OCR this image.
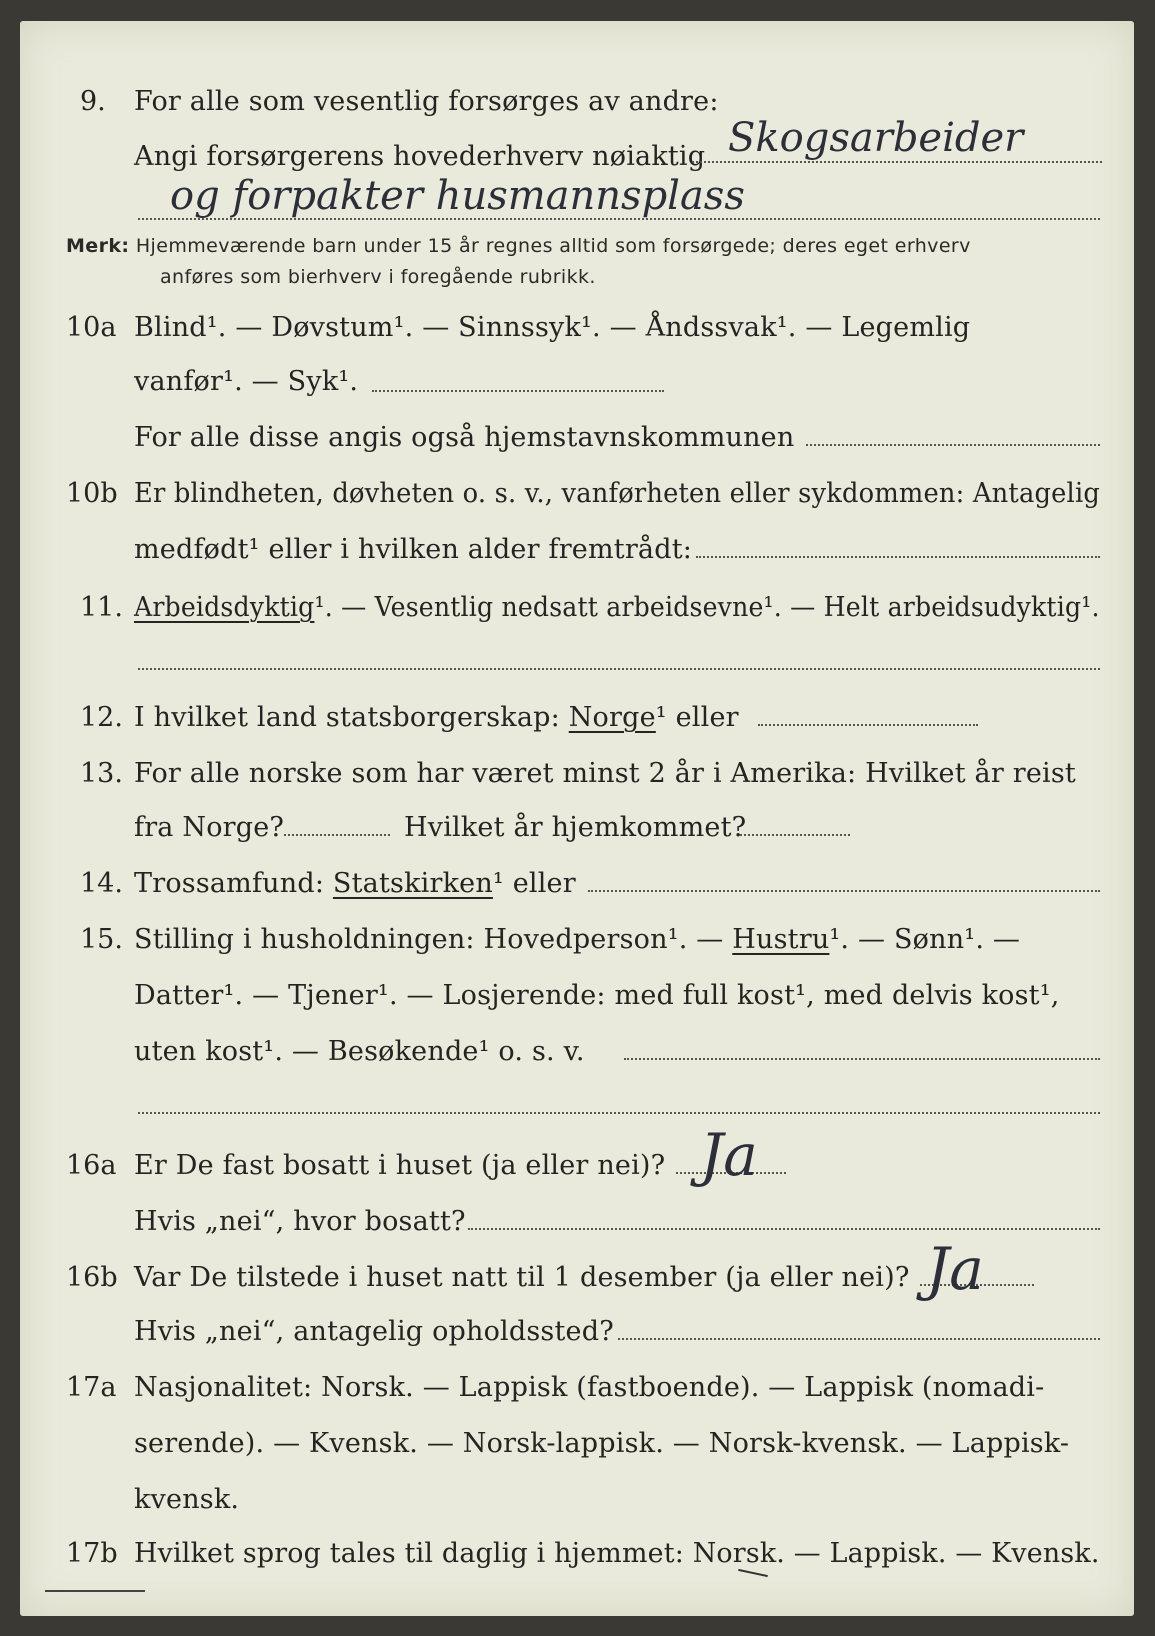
9. For alle som vesentlig forsørges av andre:
Angi forsørgerens hovederhverv nøiaktig Skogsarbeider
og forpakter husmannsplass
Merk: Hjemmeværende barn under 15 år regnes alltid som forsørgede; deres eget erhverv
anføres som bierhverv i foregående rubrikk.
10a Blind¹. — Døvstum¹. — Sinnssyk¹. — Åndssvak¹. — Legemlig
vanfør¹. — Syk¹.
For alle disse angis også hjemstavnskommunen
10b Er blindheten, døvheten o. s. v., vanførheten eller sykdommen: Antagelig
medfødt¹ eller i hvilken alder fremtrådt:
11. Arbeidsdyktig¹. — Vesentlig nedsatt arbeidsevne¹. — Helt arbeidsudyktig¹.
12. I hvilket land statsborgerskap: Norge¹ eller
13. For alle norske som har været minst 2 år i Amerika: Hvilket år reist
fra Norge?	Hvilket år hjemkommet?
14. Trossamfund: Statskirken¹ eller
15. Stilling i husholdningen: Hovedperson¹. — Hustru¹. — Sønn¹. —
Datter¹. — Tjener¹. — Losjerende: med full kost¹, med delvis kost¹,
uten kost¹. — Besøkende¹ o. s. v.
16a Er De fast bosatt i huset (ja eller nei)? Ja
Hvis „nei“, hvor bosatt?
16b Var De tilstede i huset natt til 1 desember (ja eller nei)? Ja
Hvis „nei“, antagelig opholdssted?
17a Nasjonalitet: Norsk. — Lappisk (fastboende). — Lappisk (nomadi-
serende). — Kvensk. — Norsk-lappisk. — Norsk-kvensk. — Lappisk-
kvensk.
17b Hvilket sprog tales til daglig i hjemmet: Norsk. — Lappisk. — Kvensk.
